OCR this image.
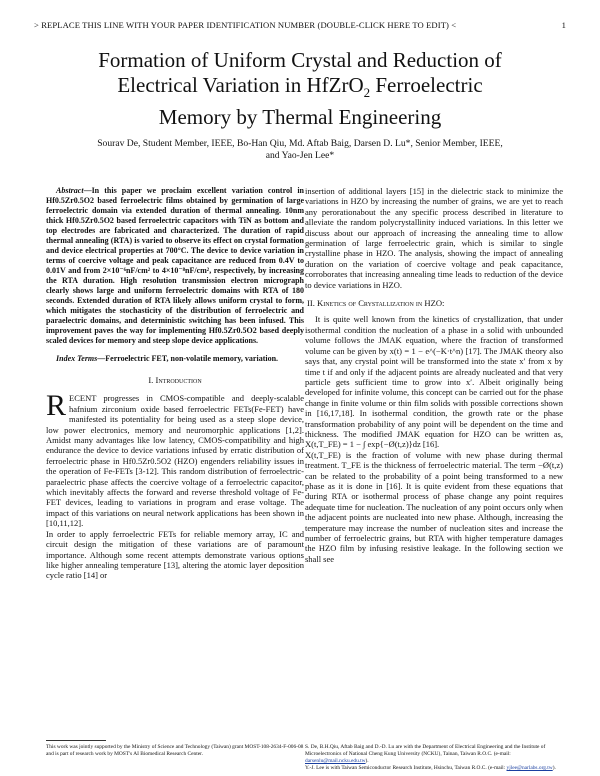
> REPLACE THIS LINE WITH YOUR PAPER IDENTIFICATION NUMBER (DOUBLE-CLICK HERE TO EDIT) <	1
Formation of Uniform Crystal and Reduction of
Electrical Variation in HfZrO$_2$ Ferroelectric
Memory by Thermal Engineering
Sourav De, Student Member, IEEE, Bo-Han Qiu, Md. Aftab Baig, Darsen D. Lu*, Senior Member, IEEE,
and Yao-Jen Lee*

Abstract—In this paper we proclaim excellent variation control in Hf0.5Zr0.5O2 based ferroelectric films obtained by germination of large ferroelectric domain via extended duration of thermal annealing. 10nm thick Hf0.5Zr0.5O2 based ferroelectric capacitors with TiN as bottom and top electrodes are fabricated and characterized. The duration of rapid thermal annealing (RTA) is varied to observe its effect on crystal formation and device electrical properties at 700°C. The device to device variation in terms of coercive voltage and peak capacitance are reduced from 0.4V to 0.01V and from 2×10⁻⁶nF/cm² to 4×10⁻⁸nF/cm², respectively, by increasing the RTA duration. High resolution transmission electron micrograph clearly shows large and uniform ferroelectric domains with RTA of 180 seconds. Extended duration of RTA likely allows uniform crystal to form, which mitigates the stochasticity of the distribution of ferroelectric and paraelectric domains, and deterministic switching has been infused. This improvement paves the way for implementing Hf0.5Zr0.5O2 based deeply scaled devices for memory and steep slope device applications.

Index Terms—Ferroelectric FET, non-volatile memory, variation.

I. Introduction

RECENT progresses in CMOS-compatible and deeply-scalable hafnium zirconium oxide based ferroelectric FETs(Fe-FET) have manifested its potentiality for being used as a steep slope device, low power electronics, memory and neuromorphic applications [1,2]. Amidst many advantages like low latency, CMOS-compatibility and high endurance the device to device variations infused by erratic distribution of ferroelectric phase in Hf0.5Zr0.5O2 (HZO) engenders reliability issues in the operation of Fe-FETs [3-12]. This random distribution of ferroelectric-paraelectric phase affects the coercive voltage of a ferroelectric capacitor, which inevitably affects the forward and reverse threshold voltage of Fe-FET devices, leading to variations in program and erase voltage. The impact of this variations on neural network applications has been shown in [10,11,12].

In order to apply ferroelectric FETs for reliable memory array, IC and circuit design the mitigation of these variations are of paramount importance. Although some recent attempts demonstrate various options like higher annealing temperature [13], altering the atomic layer deposition cycle ratio [14] or

insertion of additional layers [15] in the dielectric stack to minimize the variations in HZO by increasing the number of grains, we are yet to reach any perorationabout the any specific process described in literature to alleviate the random polycrystallinity induced variations. In this letter we discuss about our approach of increasing the annealing time to allow germination of large ferroelectric grain, which is similar to single crystalline phase in HZO. The analysis, showing the impact of annealing duration on the variation of coercive voltage and peak capacitance, corroborates that increasing annealing time leads to reduction of the device to device variations in HZO.

II. Kinetics of Crystallization in HZO:

It is quite well known from the kinetics of crystallization, that under isothermal condition the nucleation of a phase in a solid with unbounded volume follows the JMAK equation, where the fraction of transformed volume can be given by x(t) = 1 − e^(−K·t^n) [17]. The JMAK theory also says that, any crystal point will be transformed into the state x′ from x by time t if and only if the adjacent points are already nucleated and that very particle gets sufficient time to grow into x′. Albeit originally being developed for infinite volume, this concept can be carried out for the phase change in finite volume or thin film solids with possible corrections shown in [16,17,18]. In isothermal condition, the growth rate or the phase transformation probability of any point will be dependent on the time and thickness. The modified JMAK equation for HZO can be written as, X(t,T_FE) = 1 − ∫ exp{−Ø(t,z)}dz [16].

X(t,T_FE) is the fraction of volume with new phase during thermal treatment. T_FE is the thickness of ferroelectric material. The term −Ø(t,z) can be related to the probability of a point being transformed to a new phase as it is done in [16]. It is quite evident from these equations that during RTA or isothermal process of phase change any point requires adequate time for nucleation. The nucleation of any point occurs only when the adjacent points are nucleated into new phase. Although, increasing the temperature may increase the number of nucleation sites and increase the number of ferroelectric grains, but RTA with higher temperature damages the HZO film by infusing resistive leakage. In the following section we shall see

This work was jointly supported by the Ministry of Science and Technology (Taiwan) grant MOST-108-2634-F-006-08 and is part of research work by MOST's AI Biomedical Research Center.
S. De, B.H.Qiu, Aftab Baig and D.-D. Lu are with the Department of Electrical Engineering and the Institute of Microelectronics of National Cheng Kung University (NCKU), Tainan, Taiwan R.O.C. (e-mail: darsenlu@mail.ncku.edu.tw).
Y.-J. Lee is with Taiwan Semiconductor Research Institute, Hsinchu, Taiwan R.O.C. (e-mail: yjlee@narlabs.org.tw).
